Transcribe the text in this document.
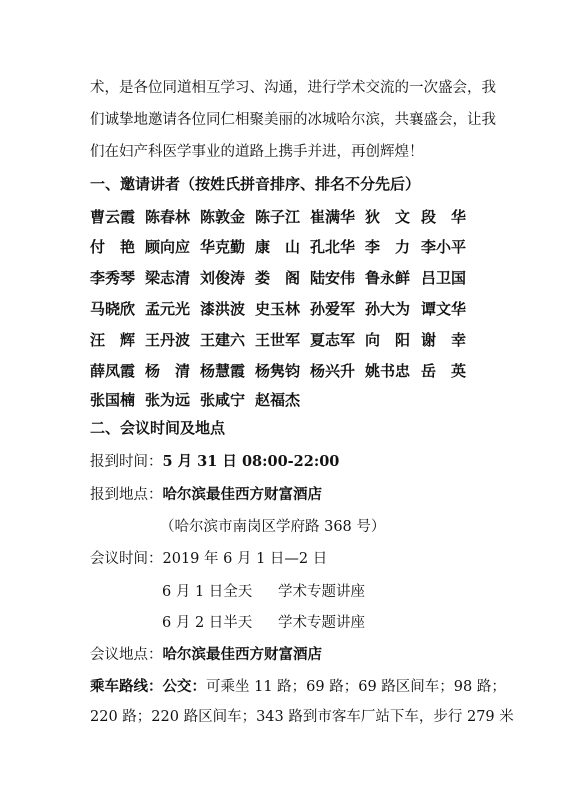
术，是各位同道相互学习、沟通，进行学术交流的一次盛会，我
们诚挚地邀请各位同仁相聚美丽的冰城哈尔滨，共襄盛会，让我
们在妇产科医学事业的道路上携手并进，再创辉煌！
一、邀请讲者（按姓氏拼音排序、排名不分先后）
曹云霞 陈春林 陈敦金 陈子江 崔满华 狄　文 段　华
付　艳 顾向应 华克勤 康　山 孔北华 李　力 李小平
李秀琴 梁志清 刘俊涛 娄　阁 陆安伟 鲁永鲜 吕卫国
马晓欣 孟元光 漆洪波 史玉林 孙爱军 孙大为 谭文华
汪　辉 王丹波 王建六 王世军 夏志军 向　阳 谢　幸
薛凤霞 杨　清 杨慧霞 杨隽钧 杨兴升 姚书忠 岳　英
张国楠 张为远 张咸宁 赵福杰
二、会议时间及地点
报到时间：5 月 31 日 08:00-22:00
报到地点：哈尔滨最佳西方财富酒店
（哈尔滨市南岗区学府路 368 号）
会议时间：2019 年 6 月 1 日—2 日
6 月 1 日全天 学术专题讲座
6 月 2 日半天 学术专题讲座
会议地点：哈尔滨最佳西方财富酒店
乘车路线：公交：可乘坐 11 路；69 路；69 路区间车；98 路；
220 路；220 路区间车；343 路到市客车厂站下车，步行 279 米
